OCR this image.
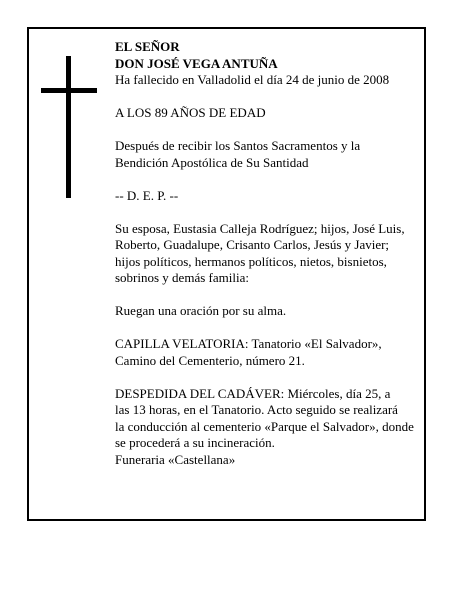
EL SEÑOR
DON JOSÉ VEGA ANTUÑA
Ha fallecido en Valladolid el día 24 de junio de 2008
A LOS 89 AÑOS DE EDAD
Después de recibir los Santos Sacramentos y la
Bendición Apostólica de Su Santidad
-- D. E. P. --
Su esposa, Eustasia Calleja Rodríguez; hijos, José Luis,
Roberto, Guadalupe, Crisanto Carlos, Jesús y Javier;
hijos políticos, hermanos políticos, nietos, bisnietos,
sobrinos y demás familia:
Ruegan una oración por su alma.
CAPILLA VELATORIA: Tanatorio «El Salvador»,
Camino del Cementerio, número 21.
DESPEDIDA DEL CADÁVER: Miércoles, día 25, a
las 13 horas, en el Tanatorio. Acto seguido se realizará
la conducción al cementerio «Parque el Salvador», donde
se procederá a su incineración.
Funeraria «Castellana»
